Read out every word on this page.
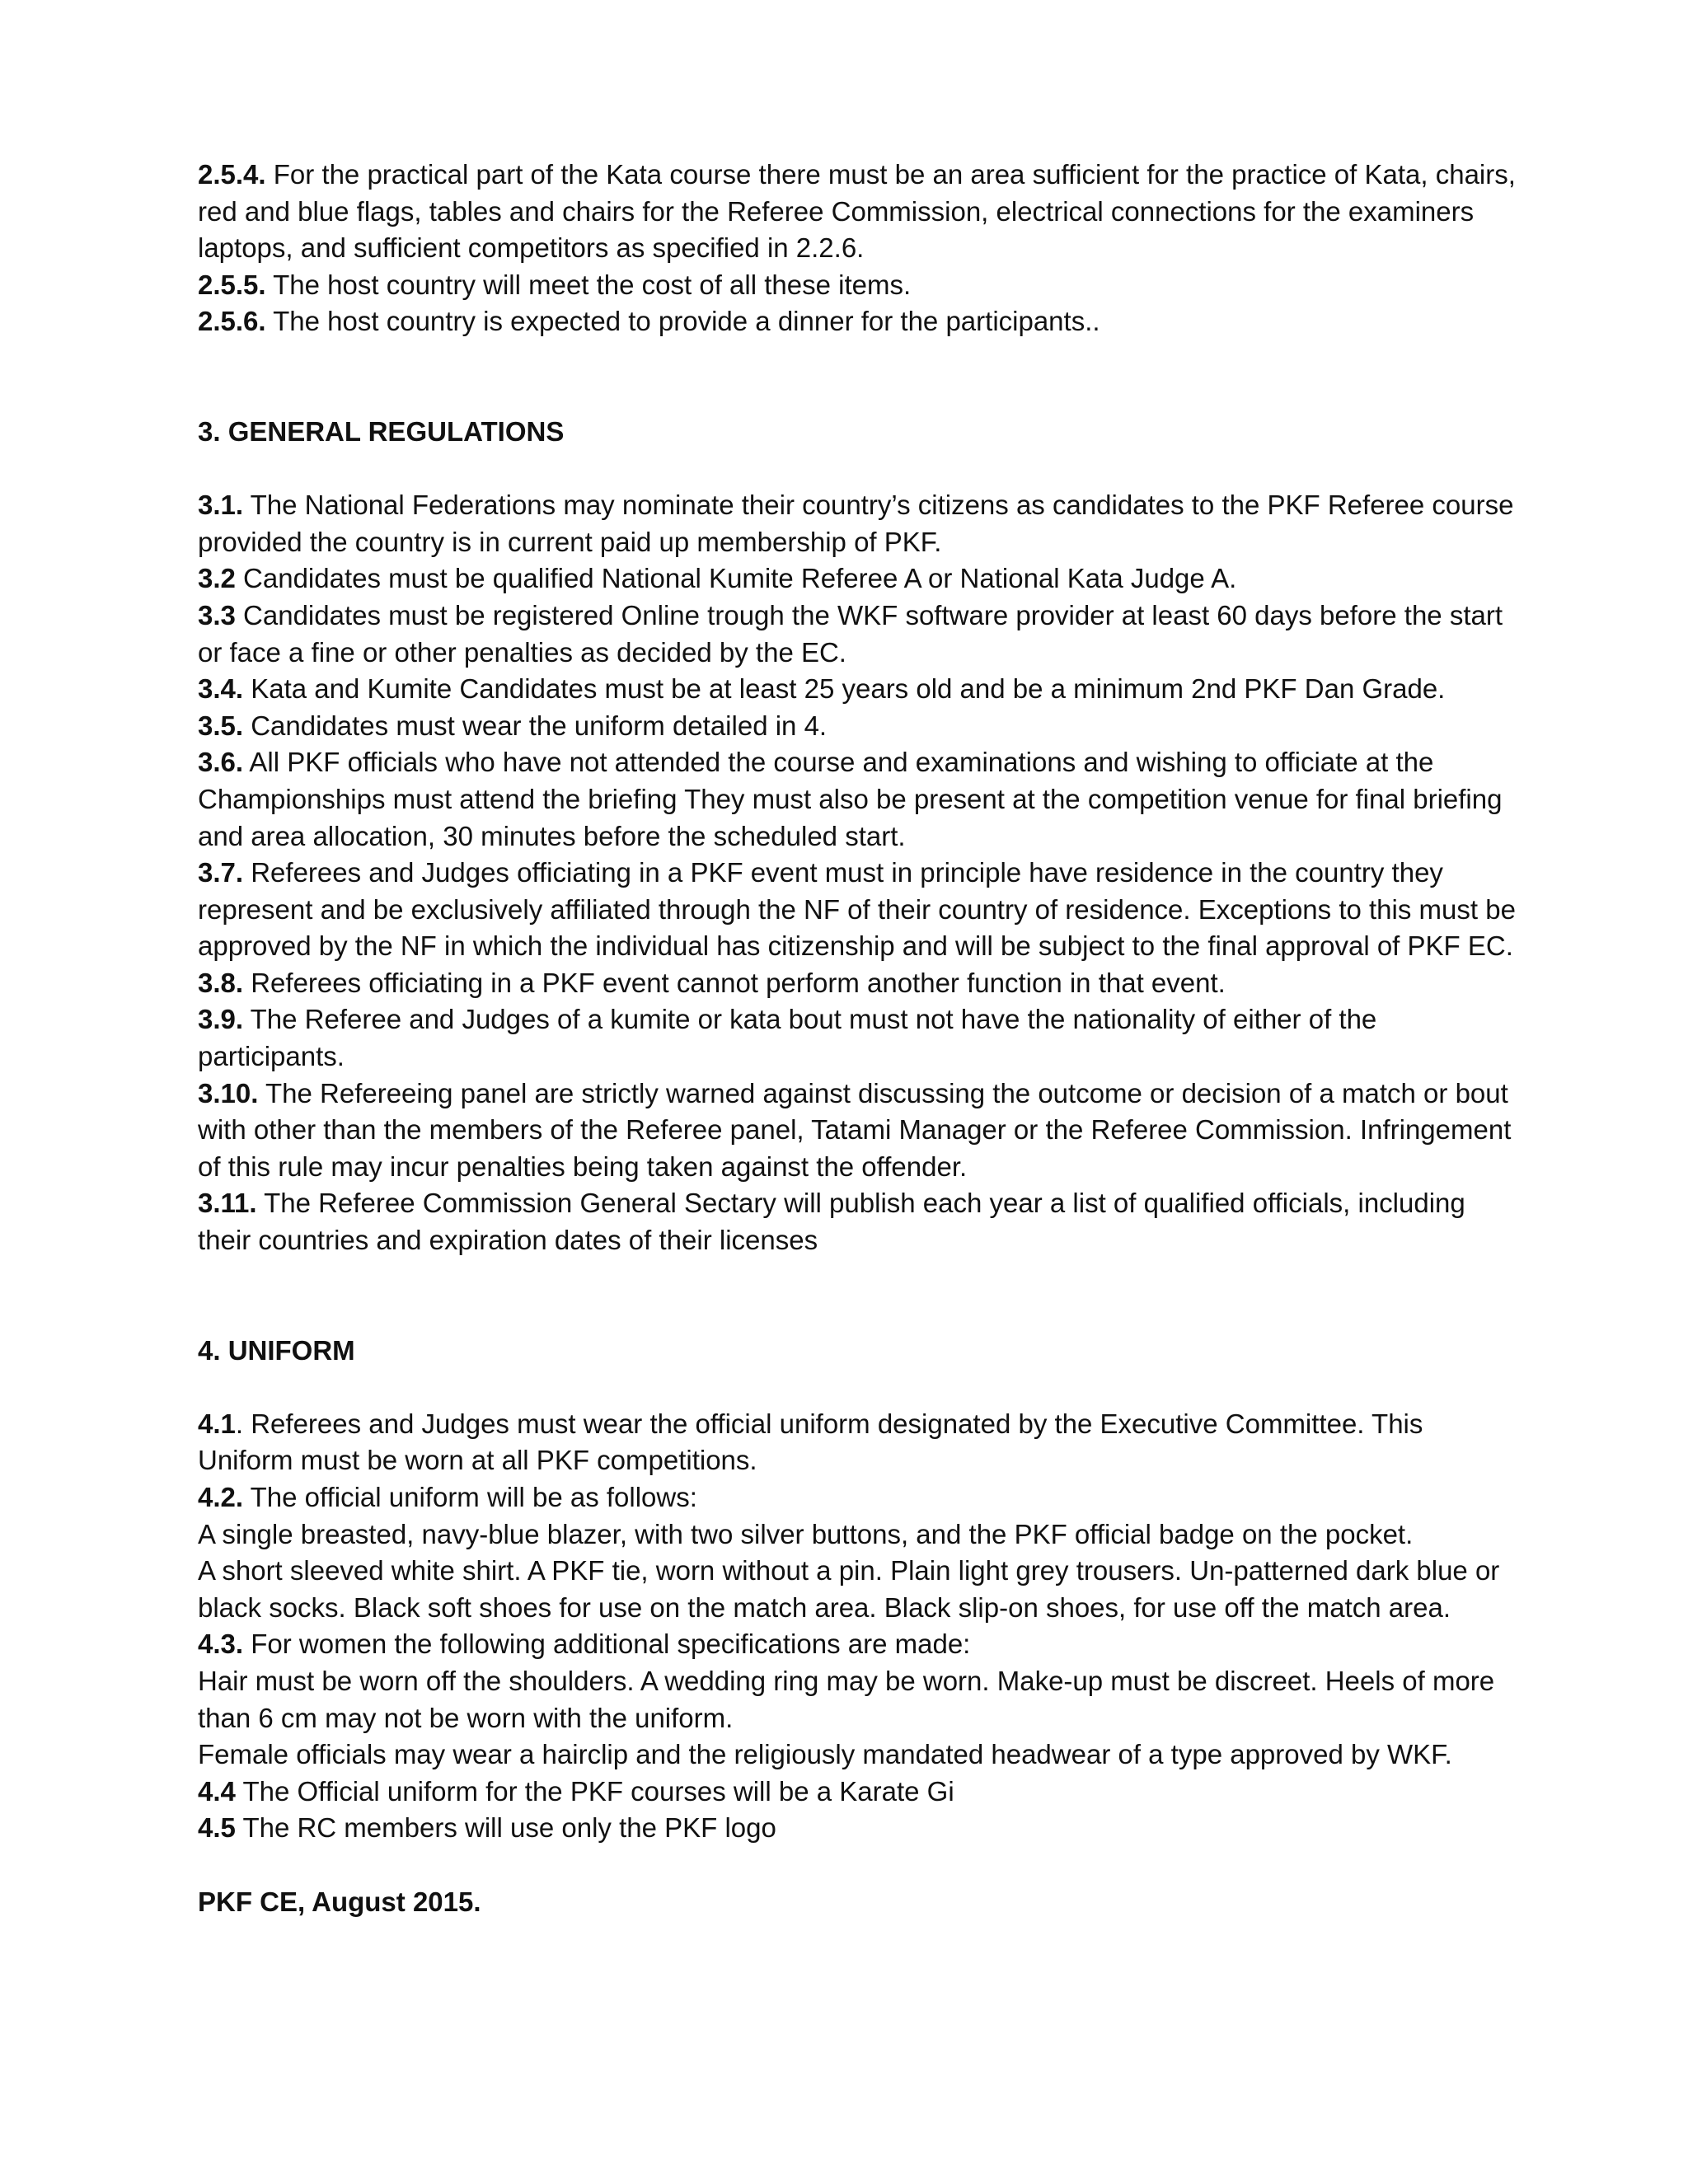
2.5.4. For the practical part of the Kata course there must be an area sufficient for the practice of Kata, chairs, red and blue flags, tables and chairs for the Referee Commission, electrical connections for the examiners laptops, and sufficient competitors as specified in 2.2.6.

2.5.5. The host country will meet the cost of all these items.

2.5.6. The host country is expected to provide a dinner for the participants..

3. GENERAL REGULATIONS

3.1. The National Federations may nominate their country’s citizens as candidates to the PKF Referee course provided the country is in current paid up membership of PKF.

3.2 Candidates must be qualified National Kumite Referee A or National Kata Judge A.

3.3 Candidates must be registered Online trough the WKF software provider at least 60 days before the start or face a fine or other penalties as decided by the EC.

3.4. Kata and Kumite Candidates must be at least 25 years old and be a minimum 2nd PKF Dan Grade.

3.5. Candidates must wear the uniform detailed in 4.

3.6. All PKF officials who have not attended the course and examinations and wishing to officiate at the Championships must attend the briefing They must also be present at the competition venue for final briefing and area allocation, 30 minutes before the scheduled start.

3.7. Referees and Judges officiating in a PKF event must in principle have residence in the country they represent and be exclusively affiliated through the NF of their country of residence. Exceptions to this must be approved by the NF in which the individual has citizenship and will be subject to the final approval of PKF EC.

3.8. Referees officiating in a PKF event cannot perform another function in that event.

3.9. The Referee and Judges of a kumite or kata bout must not have the nationality of either of the participants.

3.10. The Refereeing panel are strictly warned against discussing the outcome or decision of a match or bout with other than the members of the Referee panel, Tatami Manager or the Referee Commission. Infringement of this rule may incur penalties being taken against the offender.

3.11. The Referee Commission General Sectary will publish each year a list of qualified officials, including their countries and expiration dates of their licenses

4. UNIFORM

4.1. Referees and Judges must wear the official uniform designated by the Executive Committee. This Uniform must be worn at all PKF competitions.

4.2. The official uniform will be as follows:

A single breasted, navy-blue blazer, with two silver buttons, and the PKF official badge on the pocket.

A short sleeved white shirt. A PKF tie, worn without a pin. Plain light grey trousers. Un-patterned dark blue or black socks. Black soft shoes for use on the match area. Black slip-on shoes, for use off the match area.

4.3. For women the following additional specifications are made:

Hair must be worn off the shoulders. A wedding ring may be worn. Make-up must be discreet. Heels of more than 6 cm may not be worn with the uniform.

Female officials may wear a hairclip and the religiously mandated headwear of a type approved by WKF.

4.4 The Official uniform for the PKF courses will be a Karate Gi

4.5 The RC members will use only the PKF logo

PKF CE, August 2015.
